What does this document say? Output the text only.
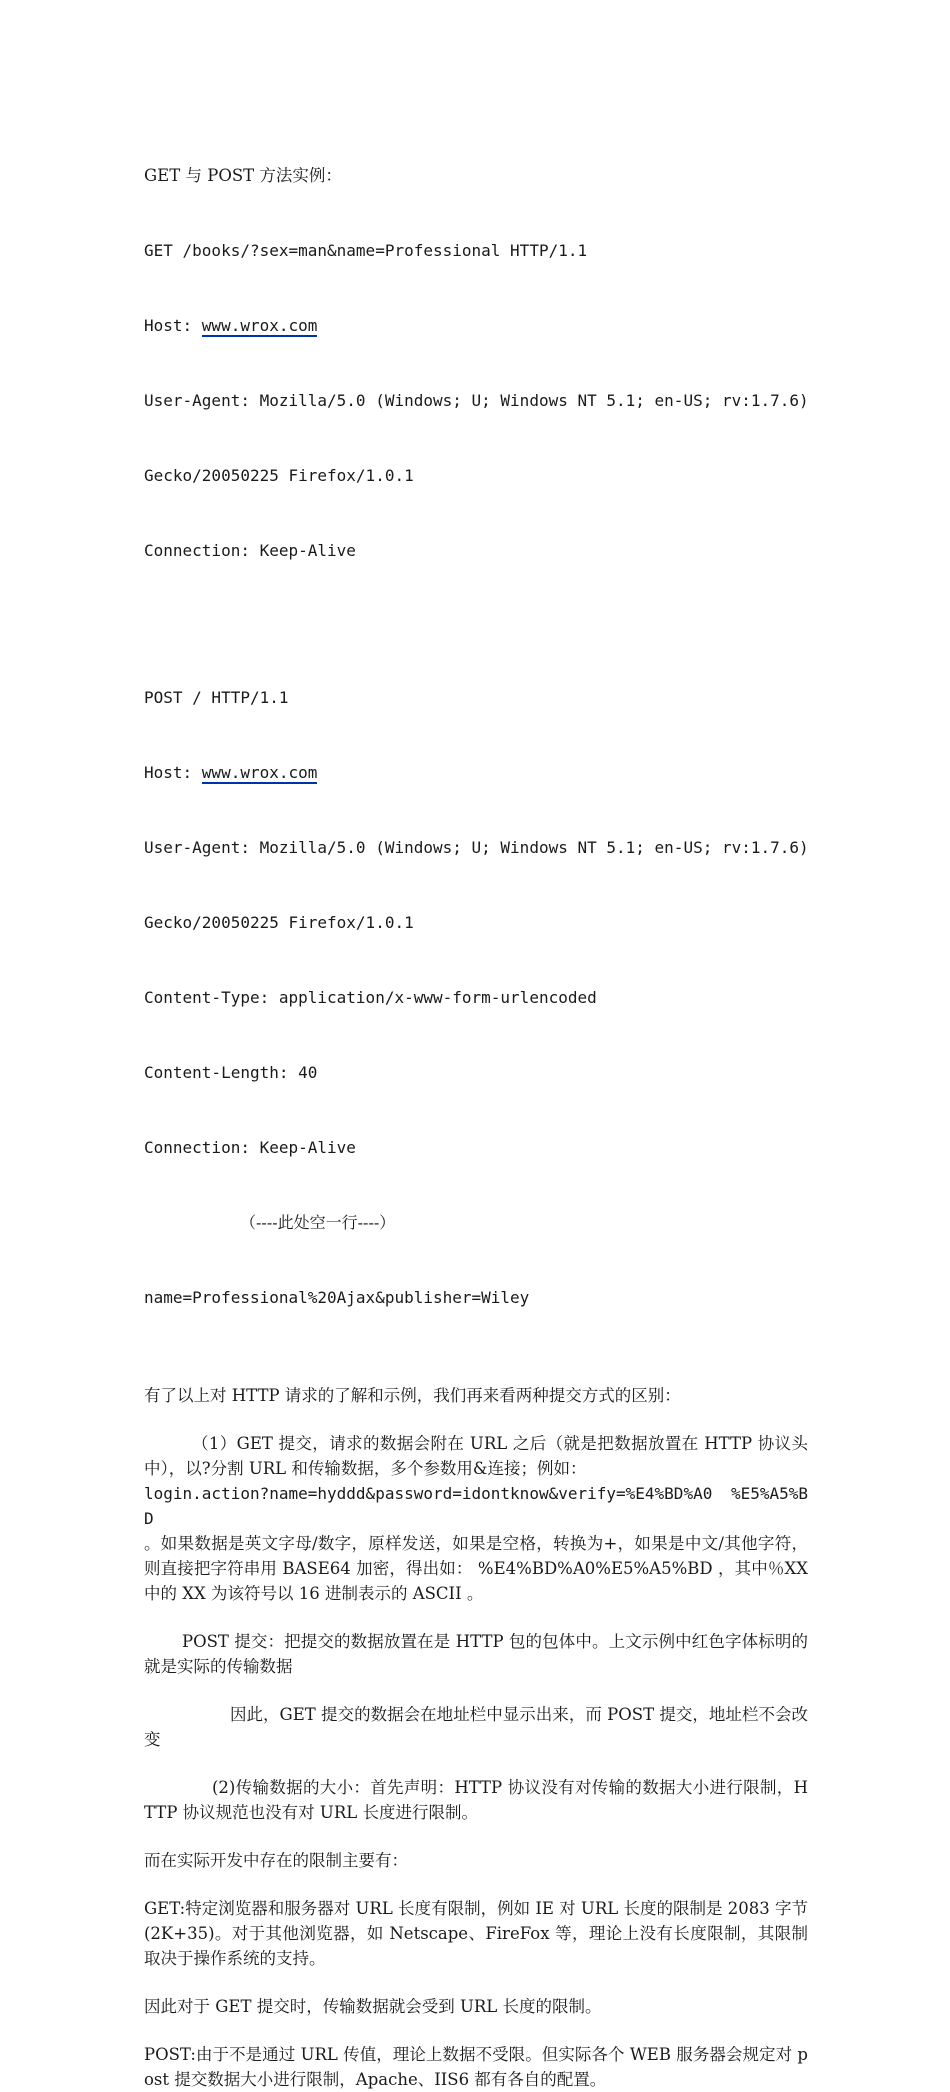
GET 与 POST 方法实例：

GET /books/?sex=man&name=Professional HTTP/1.1

Host: www.wrox.com

User-Agent: Mozilla/5.0 (Windows; U; Windows NT 5.1; en-US; rv:1.7.6)

Gecko/20050225 Firefox/1.0.1

Connection: Keep-Alive

POST / HTTP/1.1

Host: www.wrox.com

User-Agent: Mozilla/5.0 (Windows; U; Windows NT 5.1; en-US; rv:1.7.6)

Gecko/20050225 Firefox/1.0.1

Content-Type: application/x-www-form-urlencoded

Content-Length: 40

Connection: Keep-Alive

（----此处空一行----）

name=Professional%20Ajax&publisher=Wiley

有了以上对 HTTP 请求的了解和示例，我们再来看两种提交方式的区别：

（1）GET 提交，请求的数据会附在 URL 之后（就是把数据放置在 HTTP 协议头中），以?分割 URL 和传输数据，多个参数用&连接；例如：

login.action?name=hyddd&password=idontknow&verify=%E4%BD%A0 %E5%A5%BD

。如果数据是英文字母/数字，原样发送，如果是空格，转换为+，如果是中文/其他字符，则直接把字符串用 BASE64 加密，得出如： %E4%BD%A0%E5%A5%BD ，其中％XX 中的 XX 为该符号以 16 进制表示的 ASCII 。

POST 提交：把提交的数据放置在是 HTTP 包的包体中。上文示例中红色字体标明的就是实际的传输数据

因此，GET 提交的数据会在地址栏中显示出来，而 POST 提交，地址栏不会改变

(2)传输数据的大小：首先声明：HTTP 协议没有对传输的数据大小进行限制，HTTP 协议规范也没有对 URL 长度进行限制。

而在实际开发中存在的限制主要有：

GET:特定浏览器和服务器对 URL 长度有限制，例如 IE 对 URL 长度的限制是 2083 字节(2K+35)。对于其他浏览器，如 Netscape、FireFox 等，理论上没有长度限制，其限制取决于操作系统的支持。

因此对于 GET 提交时，传输数据就会受到 URL 长度的限制。

POST:由于不是通过 URL 传值，理论上数据不受限。但实际各个 WEB 服务器会规定对 post 提交数据大小进行限制，Apache、IIS6 都有各自的配置。
